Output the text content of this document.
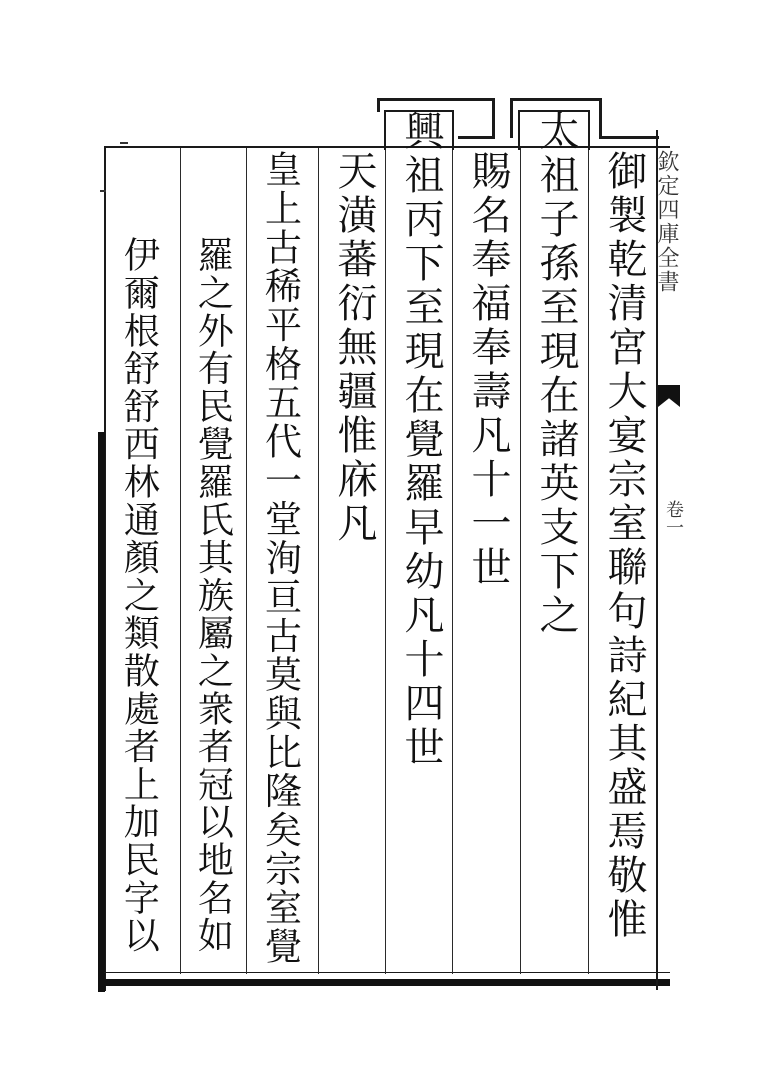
欽定四庫全書
卷一
御製乾清宮大宴宗室聯句詩紀其盛焉敬惟
太祖子孫至現在諸英支下之
賜名奉福奉壽凡十一世
興祖丙下至現在覺羅早幼凡十四世
天潢蕃衍無疆惟庥凡
皇上古稀平格五代一堂洵亘古莫與比隆矣宗室覺
羅之外有民覺羅氏其族屬之衆者冠以地名如
伊爾根舒舒西林通顏之類散處者上加民字以
